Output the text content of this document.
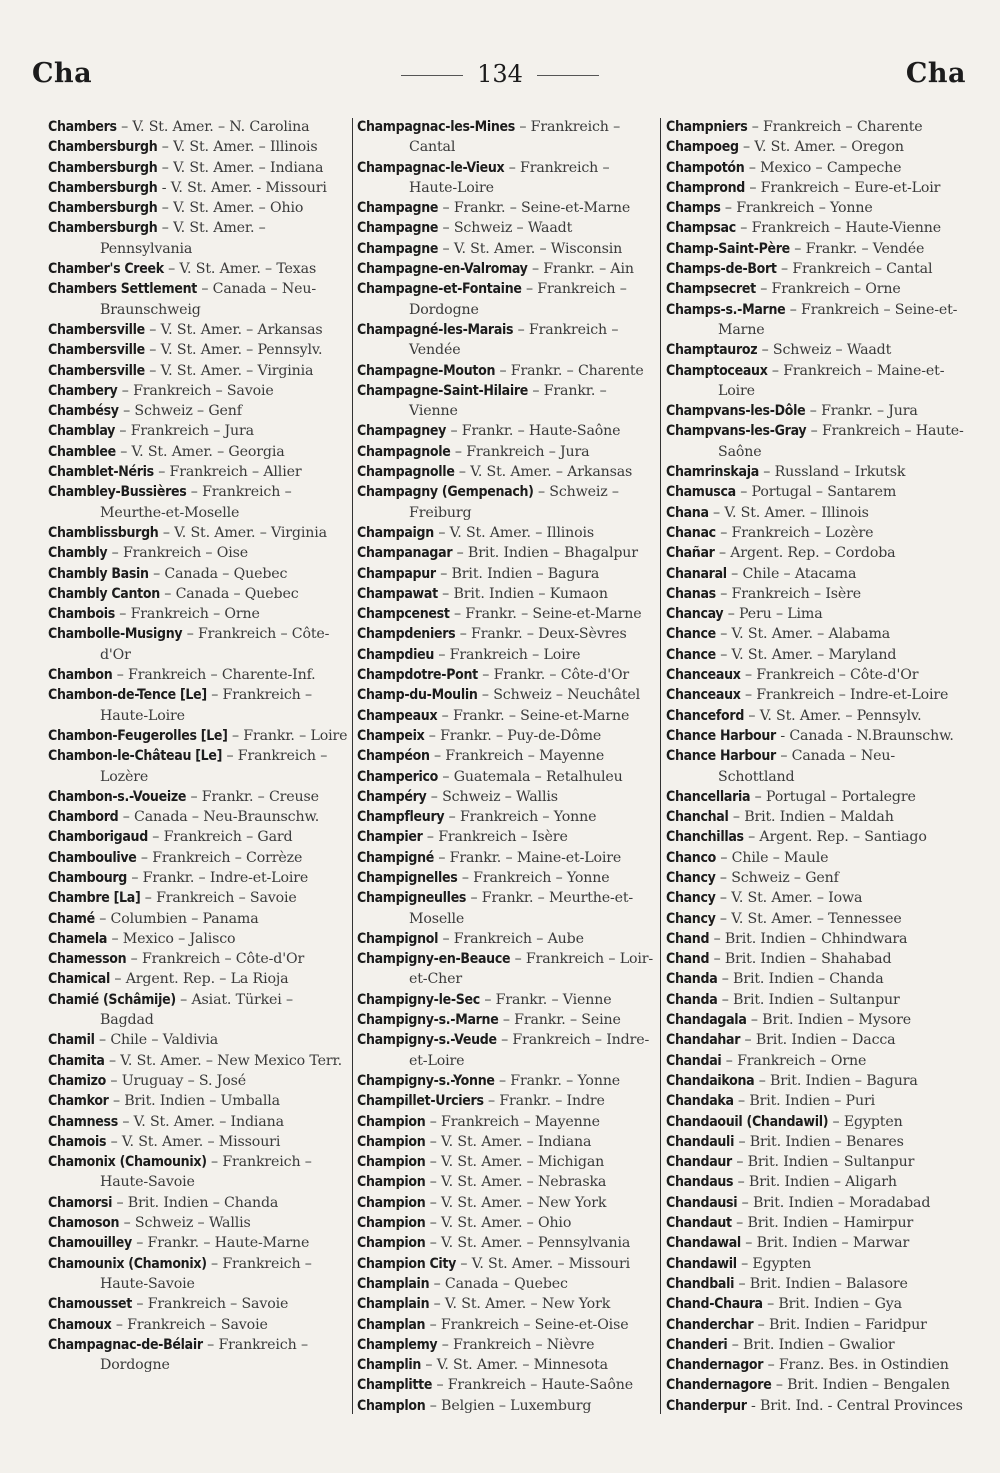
Cha	134	Cha
Chambers – V. St. Amer. – N. Carolina
Chambersburgh – V. St. Amer. – Illinois
Chambersburgh – V. St. Amer. – Indiana
Chambersburgh - V. St. Amer. - Missouri
Chambersburgh – V. St. Amer. – Ohio
Chambersburgh – V. St. Amer. – Pennsylvania
Chamber's Creek – V. St. Amer. – Texas
Chambers Settlement – Canada – Neu-Braunschweig
Chambersville – V. St. Amer. – Arkansas
Chambersville – V. St. Amer. – Pennsylv.
Chambersville – V. St. Amer. – Virginia
Chambery – Frankreich – Savoie
Chambésy – Schweiz – Genf
Chamblay – Frankreich – Jura
Chamblee – V. St. Amer. – Georgia
Chamblet-Néris – Frankreich – Allier
Chambley-Bussières – Frankreich – Meurthe-et-Moselle
Chamblissburgh – V. St. Amer. – Virginia
Chambly – Frankreich – Oise
Chambly Basin – Canada – Quebec
Chambly Canton – Canada – Quebec
Chambois – Frankreich – Orne
Chambolle-Musigny – Frankreich – Côte-d'Or
Chambon – Frankreich – Charente-Inf.
Chambon-de-Tence [Le] – Frankreich – Haute-Loire
Chambon-Feugerolles [Le] – Frankr. – Loire
Chambon-le-Château [Le] – Frankreich – Lozère
Chambon-s.-Voueize – Frankr. – Creuse
Chambord – Canada – Neu-Braunschw.
Chamborigaud – Frankreich – Gard
Chamboulive – Frankreich – Corrèze
Chambourg – Frankr. – Indre-et-Loire
Chambre [La] – Frankreich – Savoie
Chamé – Columbien – Panama
Chamela – Mexico – Jalisco
Chamesson – Frankreich – Côte-d'Or
Chamical – Argent. Rep. – La Rioja
Chamié (Schâmije) – Asiat. Türkei – Bagdad
Chamil – Chile – Valdivia
Chamita – V. St. Amer. – New Mexico Terr.
Chamizo – Uruguay – S. José
Chamkor – Brit. Indien – Umballa
Chamness – V. St. Amer. – Indiana
Chamois – V. St. Amer. – Missouri
Chamonix (Chamounix) – Frankreich – Haute-Savoie
Chamorsi – Brit. Indien – Chanda
Chamoson – Schweiz – Wallis
Chamouilley – Frankr. – Haute-Marne
Chamounix (Chamonix) – Frankreich – Haute-Savoie
Chamousset – Frankreich – Savoie
Chamoux – Frankreich – Savoie
Champagnac-de-Bélair – Frankreich – Dordogne
Champagnac-les-Mines – Frankreich – Cantal
Champagnac-le-Vieux – Frankreich – Haute-Loire
Champagne – Frankr. – Seine-et-Marne
Champagne – Schweiz – Waadt
Champagne – V. St. Amer. – Wisconsin
Champagne-en-Valromay – Frankr. – Ain
Champagne-et-Fontaine – Frankreich – Dordogne
Champagné-les-Marais – Frankreich – Vendée
Champagne-Mouton – Frankr. – Charente
Champagne-Saint-Hilaire – Frankr. – Vienne
Champagney – Frankr. – Haute-Saône
Champagnole – Frankreich – Jura
Champagnolle – V. St. Amer. – Arkansas
Champagny (Gempenach) – Schweiz – Freiburg
Champaign – V. St. Amer. – Illinois
Champanagar – Brit. Indien – Bhagalpur
Champapur – Brit. Indien – Bagura
Champawat – Brit. Indien – Kumaon
Champcenest – Frankr. – Seine-et-Marne
Champdeniers – Frankr. – Deux-Sèvres
Champdieu – Frankreich – Loire
Champdotre-Pont – Frankr. – Côte-d'Or
Champ-du-Moulin – Schweiz – Neuchâtel
Champeaux – Frankr. – Seine-et-Marne
Champeix – Frankr. – Puy-de-Dôme
Champéon – Frankreich – Mayenne
Champerico – Guatemala – Retalhuleu
Champéry – Schweiz – Wallis
Champfleury – Frankreich – Yonne
Champier – Frankreich – Isère
Champigné – Frankr. – Maine-et-Loire
Champignelles – Frankreich – Yonne
Champigneulles – Frankr. – Meurthe-et-Moselle
Champignol – Frankreich – Aube
Champigny-en-Beauce – Frankreich – Loir-et-Cher
Champigny-le-Sec – Frankr. – Vienne
Champigny-s.-Marne – Frankr. – Seine
Champigny-s.-Veude – Frankreich – Indre-et-Loire
Champigny-s.-Yonne – Frankr. – Yonne
Champillet-Urciers – Frankr. – Indre
Champion – Frankreich – Mayenne
Champion – V. St. Amer. – Indiana
Champion – V. St. Amer. – Michigan
Champion – V. St. Amer. – Nebraska
Champion – V. St. Amer. – New York
Champion – V. St. Amer. – Ohio
Champion – V. St. Amer. – Pennsylvania
Champion City – V. St. Amer. – Missouri
Champlain – Canada – Quebec
Champlain – V. St. Amer. – New York
Champlan – Frankreich – Seine-et-Oise
Champlemy – Frankreich – Nièvre
Champlin – V. St. Amer. – Minnesota
Champlitte – Frankreich – Haute-Saône
Champlon – Belgien – Luxemburg
Champniers – Frankreich – Charente
Champoeg – V. St. Amer. – Oregon
Champotón – Mexico – Campeche
Champrond – Frankreich – Eure-et-Loir
Champs – Frankreich – Yonne
Champsac – Frankreich – Haute-Vienne
Champ-Saint-Père – Frankr. – Vendée
Champs-de-Bort – Frankreich – Cantal
Champsecret – Frankreich – Orne
Champs-s.-Marne – Frankreich – Seine-et-Marne
Champtauroz – Schweiz – Waadt
Champtoceaux – Frankreich – Maine-et-Loire
Champvans-les-Dôle – Frankr. – Jura
Champvans-les-Gray – Frankreich – Haute-Saône
Chamrinskaja – Russland – Irkutsk
Chamusca – Portugal – Santarem
Chana – V. St. Amer. – Illinois
Chanac – Frankreich – Lozère
Chañar – Argent. Rep. – Cordoba
Chanaral – Chile – Atacama
Chanas – Frankreich – Isère
Chancay – Peru – Lima
Chance – V. St. Amer. – Alabama
Chance – V. St. Amer. – Maryland
Chanceaux – Frankreich – Côte-d'Or
Chanceaux – Frankreich – Indre-et-Loire
Chanceford – V. St. Amer. – Pennsylv.
Chance Harbour - Canada - N.Braunschw.
Chance Harbour – Canada – Neu-Schottland
Chancellaria – Portugal – Portalegre
Chanchal – Brit. Indien – Maldah
Chanchillas – Argent. Rep. – Santiago
Chanco – Chile – Maule
Chancy – Schweiz – Genf
Chancy – V. St. Amer. – Iowa
Chancy – V. St. Amer. – Tennessee
Chand – Brit. Indien – Chhindwara
Chand – Brit. Indien – Shahabad
Chanda – Brit. Indien – Chanda
Chanda – Brit. Indien – Sultanpur
Chandagala – Brit. Indien – Mysore
Chandahar – Brit. Indien – Dacca
Chandai – Frankreich – Orne
Chandaikona – Brit. Indien – Bagura
Chandaka – Brit. Indien – Puri
Chandaouil (Chandawil) – Egypten
Chandauli – Brit. Indien – Benares
Chandaur – Brit. Indien – Sultanpur
Chandaus – Brit. Indien – Aligarh
Chandausi – Brit. Indien – Moradabad
Chandaut – Brit. Indien – Hamirpur
Chandawal – Brit. Indien – Marwar
Chandawil – Egypten
Chandbali – Brit. Indien – Balasore
Chand-Chaura – Brit. Indien – Gya
Chanderchar – Brit. Indien – Faridpur
Chanderi – Brit. Indien – Gwalior
Chandernagor – Franz. Bes. in Ostindien
Chandernagore – Brit. Indien – Bengalen
Chanderpur - Brit. Ind. - Central Provinces
